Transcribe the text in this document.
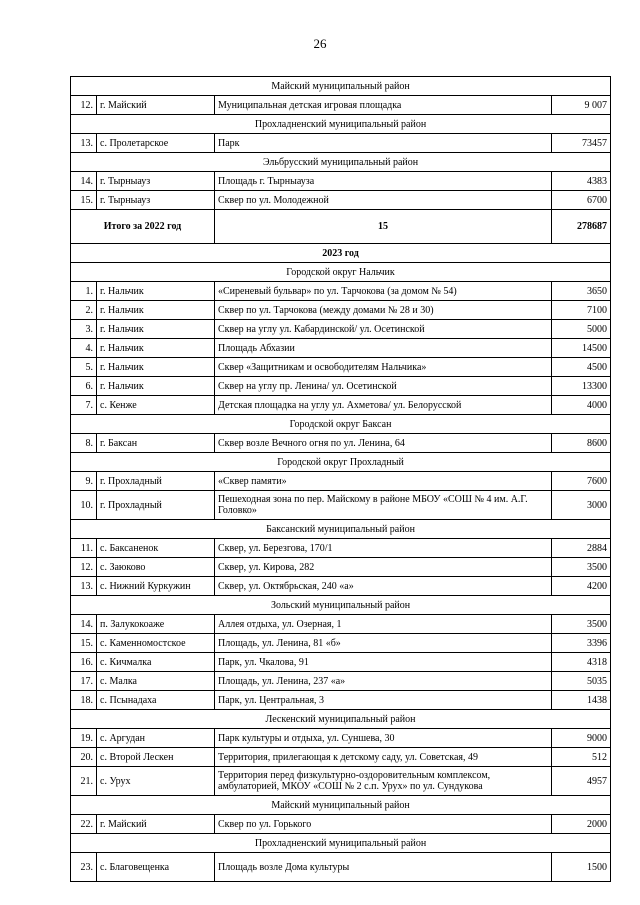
26
Майский муниципальный район			
12.	г. Майский	Муниципальная детская игровая площадка	9 007
Прохладненский муниципальный район			
13.	с. Пролетарское	Парк	73457
Эльбрусский муниципальный район			
14.	г. Тырныауз	Площадь г. Тырныауза	4383
15.	г. Тырныауз	Сквер по ул. Молодежной	6700
Итого за 2022 год		15	278687
2023 год			
Городской округ Нальчик			
1.	г. Нальчик	«Сиреневый бульвар» по ул. Тарчокова (за домом № 54)	3650
2.	г. Нальчик	Сквер по ул. Тарчокова (между домами № 28 и 30)	7100
3.	г. Нальчик	Сквер на углу ул. Кабардинской/ ул. Осетинской	5000
4.	г. Нальчик	Площадь Абхазии	14500
5.	г. Нальчик	Сквер «Защитникам и освободителям Нальчика»	4500
6.	г. Нальчик	Сквер на углу пр. Ленина/ ул. Осетинской	13300
7.	с. Кенже	Детская площадка на углу ул. Ахметова/ ул. Белорусской	4000
Городской округ Баксан			
8.	г. Баксан	Сквер возле Вечного огня по ул. Ленина, 64	8600
Городской округ Прохладный			
9.	г. Прохладный	«Сквер памяти»	7600
10.	г. Прохладный	Пешеходная зона по пер. Майскому в районе МБОУ «СОШ № 4 им. А.Г. Головко»	3000
Баксанский муниципальный район			
11.	с. Баксаненок	Сквер, ул. Березгова, 170/1	2884
12.	с. Заюково	Сквер, ул. Кирова, 282	3500
13.	с. Нижний Куркужин	Сквер, ул. Октябрьская, 240 «а»	4200
Зольский муниципальный район			
14.	п. Залукокоаже	Аллея отдыха, ул. Озерная, 1	3500
15.	с. Каменномостское	Площадь, ул. Ленина, 81 «б»	3396
16.	с. Кичмалка	Парк, ул. Чкалова, 91	4318
17.	с. Малка	Площадь, ул. Ленина, 237 «а»	5035
18.	с. Псынадаха	Парк, ул. Центральная, 3	1438
Лескенский муниципальный район			
19.	с. Аргудан	Парк культуры и отдыха, ул. Суншева, 30	9000
20.	с. Второй Лескен	Территория, прилегающая к детскому саду, ул. Советская, 49	512
21.	с. Урух	Территория перед физкультурно-оздоровительным комплексом, амбулаторией, МКОУ «СОШ № 2 с.п. Урух» по ул. Сундукова	4957
Майский муниципальный район			
22.	г. Майский	Сквер по ул. Горького	2000
Прохладненский муниципальный район			
23.	с. Благовещенка	Площадь возле Дома культуры	1500
